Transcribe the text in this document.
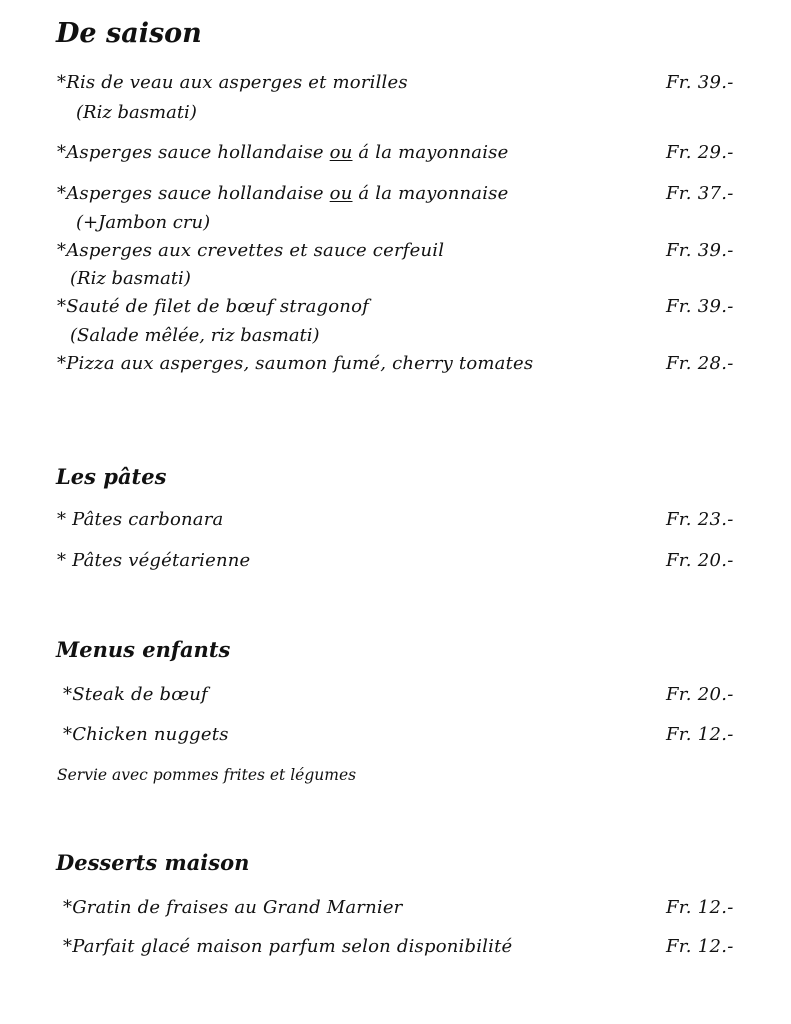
De saison
*Ris de veau aux asperges et morilles	Fr. 39.-
(Riz basmati)
*Asperges sauce hollandaise ou á la mayonnaise	Fr. 29.-
*Asperges sauce hollandaise ou á la mayonnaise	Fr. 37.-
(+Jambon cru)
*Asperges aux crevettes et sauce cerfeuil	Fr. 39.-
(Riz basmati)
*Sauté de filet de bœuf stragonof	Fr. 39.-
(Salade mêlée, riz basmati)
*Pizza aux asperges, saumon fumé, cherry tomates	Fr. 28.-
Les pâtes
* Pâtes carbonara	Fr. 23.-
* Pâtes végétarienne	Fr. 20.-
Menus enfants
*Steak de bœuf	Fr. 20.-
*Chicken nuggets	Fr. 12.-
Servie avec pommes frites et légumes
Desserts maison
*Gratin de fraises au Grand Marnier	Fr. 12.-
*Parfait glacé maison parfum selon disponibilité	Fr. 12.-
